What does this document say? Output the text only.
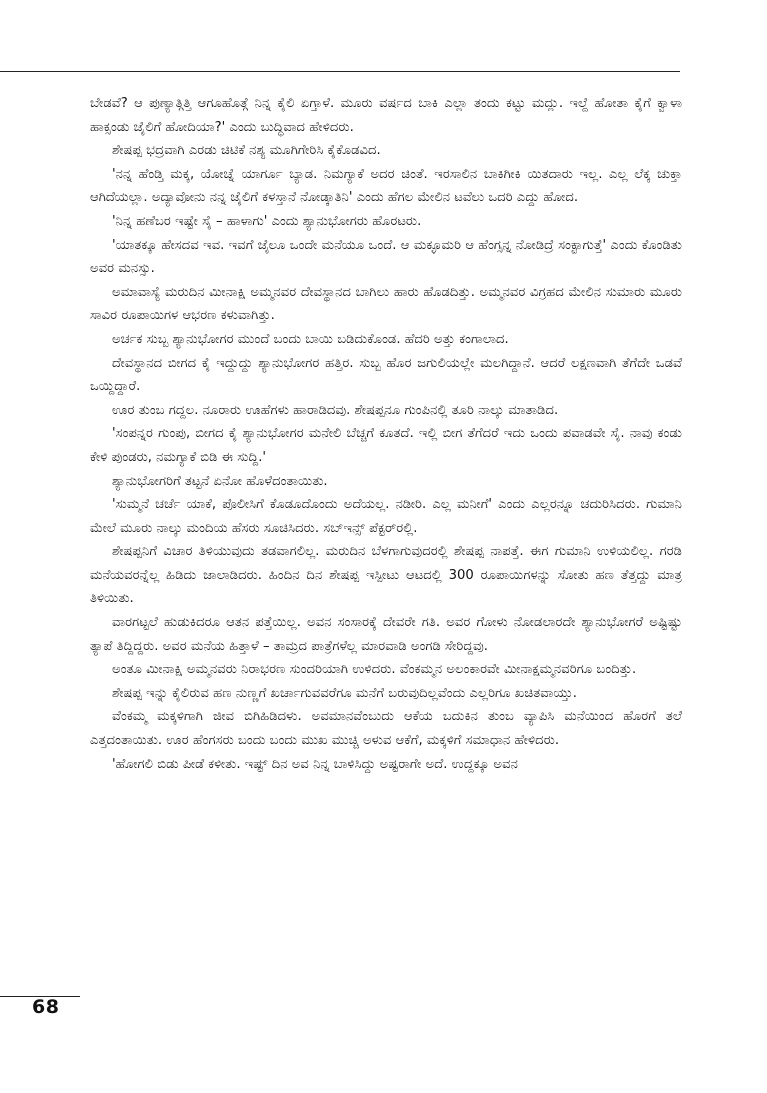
ಬೇಡವೆ? ಆ ಪುಣ್ಯಾತ್ಗಿತ್ತಿ ಆಗೂಹೊತ್ಗೆ ನಿನ್ನ ಕೈಲಿ ಏಗ್ತಾಳೆ. ಮೂರು ವರ್ಷದ ಬಾಕಿ ಎಲ್ಲಾ ತಂದು ಕಟ್ಟು ಮದ್ಲು. ಇಲ್ದೆ ಹೋತಾ ಕೈಗೆ ಕ್ವಾಳಾ ಹಾಕ್ಸಂಡು ಜೈಲಿಗೆ ಹೋದಿಯಾ?' ಎಂದು ಬುದ್ಧಿವಾದ ಹೇಳಿದರು.

ಶೇಷಪ್ಪ ಭದ್ರವಾಗಿ ಎರಡು ಚಿಟಿಕೆ ನಶ್ಯ ಮೂಗಿಗೇರಿಸಿ ಕೈಕೊಡವಿದ.

'ನನ್ನ ಹೆಂಡ್ತಿ ಮಕ್ಕ, ಯೋಚ್ನೆ ಯಾರ್ಗೂ ಬ್ಯಾಡ. ನಿಮಗ್ಯಾಕೆ ಅದರ ಚಿಂತೆ. ಇರಸಾಲಿನ ಬಾಕಿಗೀಕಿ ಯಿತದಾರು ಇಲ್ಲ. ಎಲ್ಲ ಲೆಕ್ಕ ಚುಕ್ತಾ ಆಗಿದೆಯಲ್ಲಾ. ಅದ್ಯಾವೋನು ನನ್ನ ಜೈಲಿಗೆ ಕಳಸ್ತಾನೆ ನೋಡ್ಕಾತಿನಿ' ಎಂದು ಹೆಗಲ ಮೇಲಿನ ಟವೆಲು ಒದರಿ ಎದ್ದು ಹೋದ.

'ನಿನ್ನ ಹಣೆಬರ ಇಷ್ಟೇ ಸೈ – ಹಾಳಾಗು' ಎಂದು ಶ್ಯಾನುಭೋಗರು ಹೊರಟರು.

'ಯಾತಕ್ಕೂ ಹೇಸದವ ಇವ. ಇವಗೆ ಜೈಲೂ ಒಂದೇ ಮನೆಯೂ ಒಂದೆ. ಆ ಮಕ್ಳೂಮರಿ ಆ ಹೆಂಗ್ಸನ್ನ ನೋಡಿದ್ರೆ ಸಂಕ್ಟಾಗುತ್ತೆ' ಎಂದು ಕೊಂಡಿತು ಅವರ ಮನಸ್ಸು.

ಅಮಾವಾಸ್ಯೆ ಮರುದಿನ ಮೀನಾಕ್ಷಿ ಅಮ್ಮನವರ ದೇವಸ್ಥಾನದ ಬಾಗಿಲು ಹಾರು ಹೊಡದಿತ್ತು. ಅಮ್ಮನವರ ವಿಗ್ರಹದ ಮೇಲಿನ ಸುಮಾರು ಮೂರು ಸಾವಿರ ರೂಪಾಯಿಗಳ ಆಭರಣ ಕಳುವಾಗಿತ್ತು.

ಅರ್ಚಕ ಸುಬ್ಬ ಶ್ಯಾನುಭೋಗರ ಮುಂದೆ ಬಂದು ಬಾಯಿ ಬಡಿದುಕೊಂಡ. ಹೆದರಿ ಅತ್ತು ಕಂಗಾಲಾದ.

ದೇವಸ್ಥಾನದ ಬೀಗದ ಕೈ ಇದ್ದುದ್ದು ಶ್ಯಾನುಭೋಗರ ಹತ್ತಿರ. ಸುಬ್ಬ ಹೊರ ಜಗುಲಿಯಲ್ಲೇ ಮಲಗಿದ್ದಾನೆ. ಆದರೆ ಲಕ್ಷಣವಾಗಿ ತೆಗೆದೇ ಒಡವೆ ಒಯ್ದಿದ್ದಾರೆ.

ಊರ ತುಂಬ ಗದ್ದಲ. ನೂರಾರು ಊಹೆಗಳು ಹಾರಾಡಿದವು. ಶೇಷಪ್ಪನೂ ಗುಂಪಿನಲ್ಲಿ ತೂರಿ ನಾಲ್ಕು ಮಾತಾಡಿದ.

'ಸಂಪನ್ನರ ಗುಂಪು, ಬೀಗದ ಕೈ ಶ್ಯಾನುಭೋಗರ ಮನೇಲಿ ಬೆಚ್ಚಗೆ ಕೂತದೆ. ಇಲ್ಲಿ ಬೀಗ ತೆಗೆದರೆ ಇದು ಒಂದು ಪವಾಡವೇ ಸೈ. ನಾವು ಕಂಡು ಕೇಳಿ ಪುಂಡರು, ನಮಗ್ಯಾಕೆ ಬಿಡಿ ಈ ಸುದ್ದಿ.'

ಶ್ಯಾನುಭೋಗರಿಗೆ ತಟ್ಟನೆ ಏನೋ ಹೊಳೆದಂತಾಯಿತು.

'ಸುಮ್ಮನೆ ಚರ್ಚೆ ಯಾಕೆ, ಪೊಲೀಸಿಗೆ ಕೊಡೂದೊಂದು ಅದೆಯಲ್ಲ. ನಡೀರಿ. ಎಲ್ಲ ಮನೀಗೆ' ಎಂದು ಎಲ್ಲರನ್ನೂ ಚದುರಿಸಿದರು. ಗುಮಾನಿ ಮೇಲೆ ಮೂರು ನಾಲ್ಕು ಮಂದಿಯ ಹೆಸರು ಸೂಚಿಸಿದರು. ಸಬ್‌ಇನ್ಸ್ ಪೆಕ್ಟರ್‌ರಲ್ಲಿ.

ಶೇಷಪ್ಪನಿಗೆ ವಿಚಾರ ತಿಳಿಯುವುದು ತಡವಾಗಲಿಲ್ಲ. ಮರುದಿನ ಬೆಳಗಾಗುವುದರಲ್ಲಿ ಶೇಷಪ್ಪ ನಾಪತ್ತೆ. ಈಗ ಗುಮಾನಿ ಉಳಿಯಲಿಲ್ಲ. ಗರಡಿ ಮನೆಯವರನ್ನೆಲ್ಲ ಹಿಡಿದು ಜಾಲಾಡಿದರು. ಹಿಂದಿನ ದಿನ ಶೇಷಪ್ಪ ಇಸ್ಪೀಟು ಆಟದಲ್ಲಿ 300 ರೂಪಾಯಿಗಳನ್ನು ಸೋತು ಹಣ ತೆತ್ತದ್ದು ಮಾತ್ರ ತಿಳಿಯಿತು.

ವಾರಗಟ್ಟಲೆ ಹುಡುಕಿದರೂ ಆತನ ಪತ್ತೆಯಿಲ್ಲ. ಅವನ ಸಂಸಾರಕ್ಕೆ ದೇವರೇ ಗತಿ. ಅವರ ಗೋಳು ನೋಡಲಾರದೇ ಶ್ಯಾನುಭೋಗರೆ ಅಷ್ಟಿಷ್ಟು ತ್ಯಾಪೆ ತಿದ್ದಿದ್ದರು. ಅವರ ಮನೆಯ ಹಿತ್ತಾಳೆ – ತಾಮ್ರದ ಪಾತ್ರೆಗಳೆಲ್ಲ ಮಾರವಾಡಿ ಅಂಗಡಿ ಸೇರಿದ್ದವು.

ಅಂತೂ ಮೀನಾಕ್ಷಿ ಅಮ್ಮನವರು ನಿರಾಭರಣ ಸುಂದರಿಯಾಗಿ ಉಳಿದರು. ವೆಂಕಮ್ಮನ ಅಲಂಕಾರವೇ ಮೀನಾಕ್ಷಮ್ಮನವರಿಗೂ ಬಂದಿತ್ತು.

ಶೇಷಪ್ಪ ಇನ್ನು ಕೈಲಿರುವ ಹಣ ನುಣ್ಣಗೆ ಖರ್ಚಾಗುವವರೆಗೂ ಮನೆಗೆ ಬರುವುದಿಲ್ಲವೆಂದು ಎಲ್ಲರಿಗೂ ಖಚಿತವಾಯ್ತು.

ವೆಂಕಮ್ಮ ಮಕ್ಕಳಿಗಾಗಿ ಜೀವ ಬಿಗಿಹಿಡಿದಳು. ಅವಮಾನವೆಂಬುದು ಆಕೆಯ ಬದುಕಿನ ತುಂಬ ವ್ಯಾಪಿಸಿ ಮನೆಯಿಂದ ಹೊರಗೆ ತಲೆ ಎತ್ತದಂತಾಯಿತು. ಊರ ಹೆಂಗಸರು ಬಂದು ಬಂದು ಮುಖ ಮುಚ್ಚಿ ಅಳುವ ಆಕೆಗೆ, ಮಕ್ಕಳಿಗೆ ಸಮಾಧಾನ ಹೇಳಿದರು.

'ಹೋಗಲಿ ಬಿಡು ಪೀಡೆ ಕಳೀತು. ಇಷ್ಟ್ ದಿನ ಅವ ನಿನ್ನ ಬಾಳಿಸಿದ್ದು ಅಷ್ಟರಾಗೇ ಅದೆ. ಉದ್ದಕ್ಕೂ ಅವನ

68
